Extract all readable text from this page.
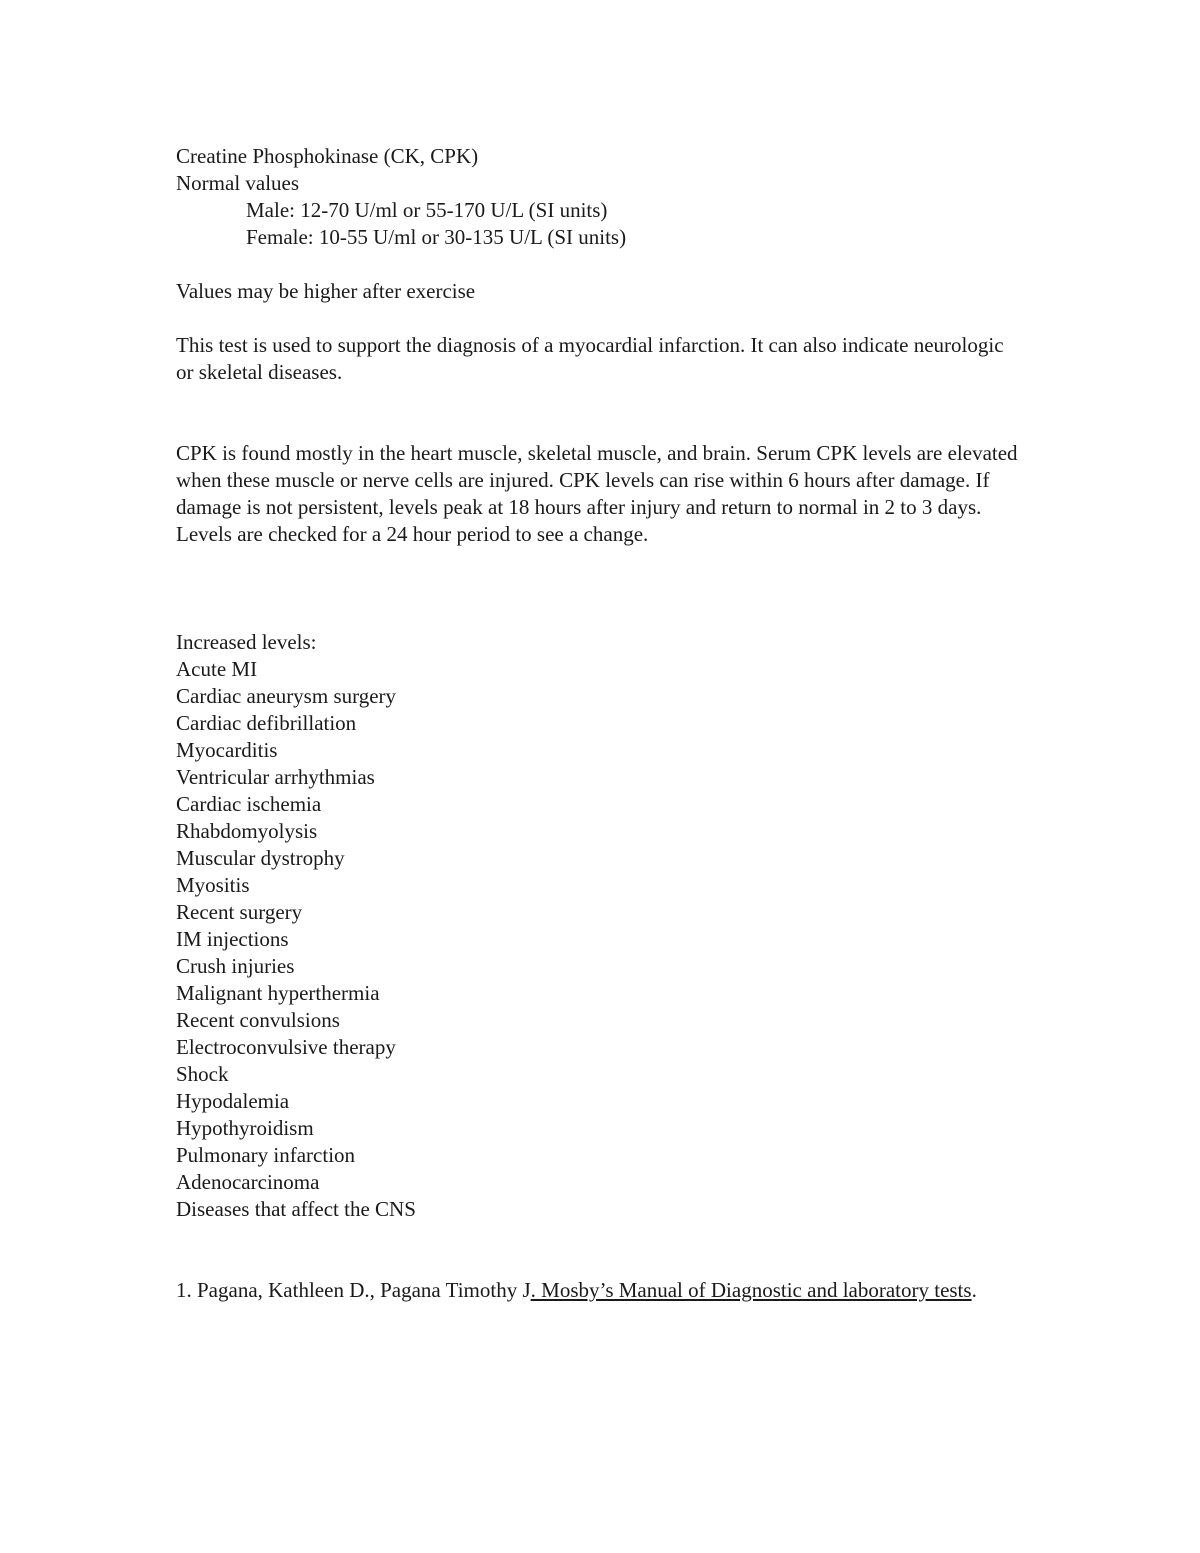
Creatine Phosphokinase (CK, CPK)
Normal values
Male: 12-70 U/ml or 55-170 U/L (SI units)
Female: 10-55 U/ml or 30-135 U/L (SI units)
Values may be higher after exercise
This test is used to support the diagnosis of a myocardial infarction. It can also indicate neurologic or skeletal diseases.
CPK is found mostly in the heart muscle, skeletal muscle, and brain. Serum CPK levels are elevated when these muscle or nerve cells are injured. CPK levels can rise within 6 hours after damage. If damage is not persistent, levels peak at 18 hours after injury and return to normal in 2 to 3 days. Levels are checked for a 24 hour period to see a change.
Increased levels:
Acute MI
Cardiac aneurysm surgery
Cardiac defibrillation
Myocarditis
Ventricular arrhythmias
Cardiac ischemia
Rhabdomyolysis
Muscular dystrophy
Myositis
Recent surgery
IM injections
Crush injuries
Malignant hyperthermia
Recent convulsions
Electroconvulsive therapy
Shock
Hypodalemia
Hypothyroidism
Pulmonary infarction
Adenocarcinoma
Diseases that affect the CNS
1. Pagana, Kathleen D., Pagana Timothy J. Mosby’s Manual of Diagnostic and laboratory tests.
